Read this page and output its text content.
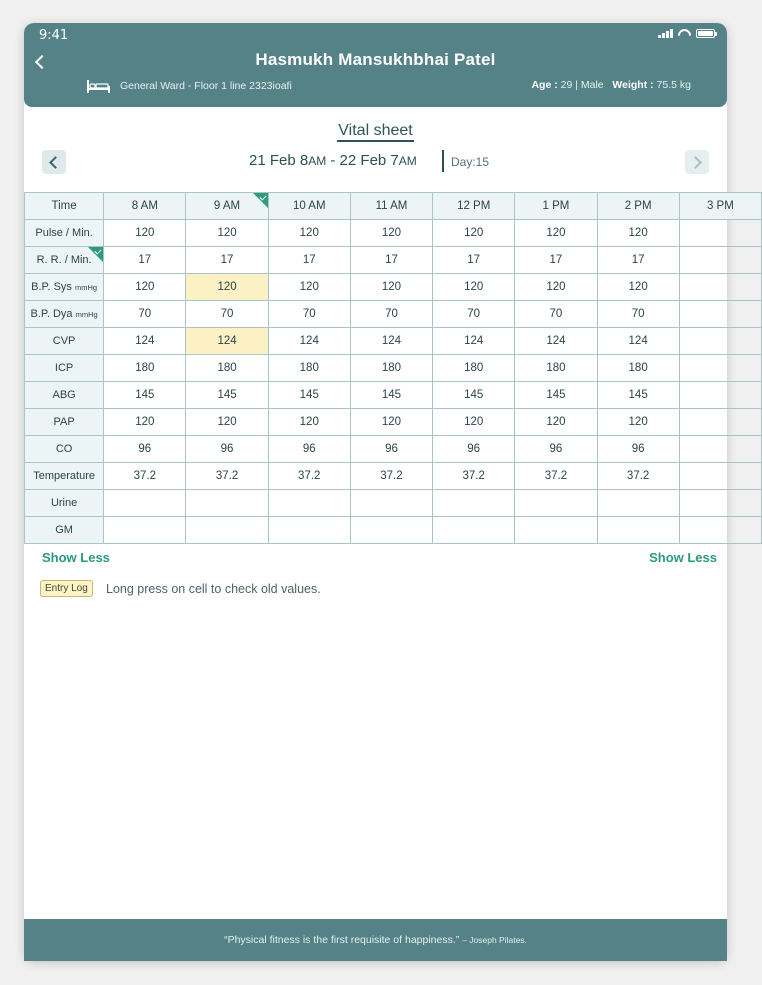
9:41
Hasmukh Mansukhbhai Patel
General Ward - Floor 1 line 2323ioafi	Age : 29 | Male Weight : 75.5 kg
Vital sheet
21 Feb 8AM - 22 Feb 7AM	Day:15
Time	8 AM	9 AM	10 AM	11 AM	12 PM	1 PM	2 PM	3 PM
Pulse / Min.	120	120	120	120	120	120	120	
R. R. / Min.	17	17	17	17	17	17	17	
B.P. Sys mmHg	120	120	120	120	120	120	120	
B.P. Dya mmHg	70	70	70	70	70	70	70	
CVP	124	124	124	124	124	124	124	
ICP	180	180	180	180	180	180	180	
ABG	145	145	145	145	145	145	145	
PAP	120	120	120	120	120	120	120	
CO	96	96	96	96	96	96	96	
Temperature	37.2	37.2	37.2	37.2	37.2	37.2	37.2	
Urine								
GM								
Show Less	Show Less
Entry Log	Long press on cell to check old values.
“Physical fitness is the first requisite of happiness.” – Joseph Pilates.
